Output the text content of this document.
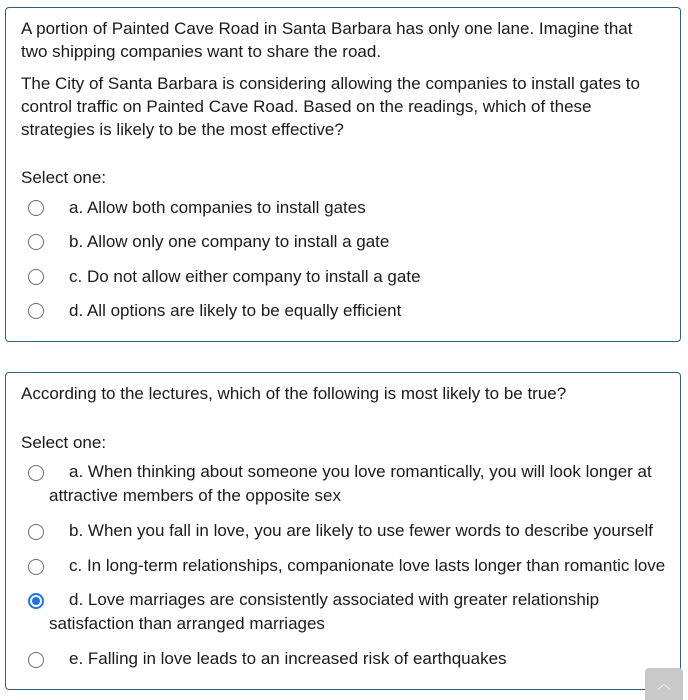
A portion of Painted Cave Road in Santa Barbara has only one lane. Imagine that two shipping companies want to share the road.
The City of Santa Barbara is considering allowing the companies to install gates to control traffic on Painted Cave Road. Based on the readings, which of these strategies is likely to be the most effective?
Select one:
a. Allow both companies to install gates
b. Allow only one company to install a gate
c. Do not allow either company to install a gate
d. All options are likely to be equally efficient
According to the lectures, which of the following is most likely to be true?
Select one:
a. When thinking about someone you love romantically, you will look longer at attractive members of the opposite sex
b. When you fall in love, you are likely to use fewer words to describe yourself
c. In long-term relationships, companionate love lasts longer than romantic love
d. Love marriages are consistently associated with greater relationship satisfaction than arranged marriages
e. Falling in love leads to an increased risk of earthquakes
︿
